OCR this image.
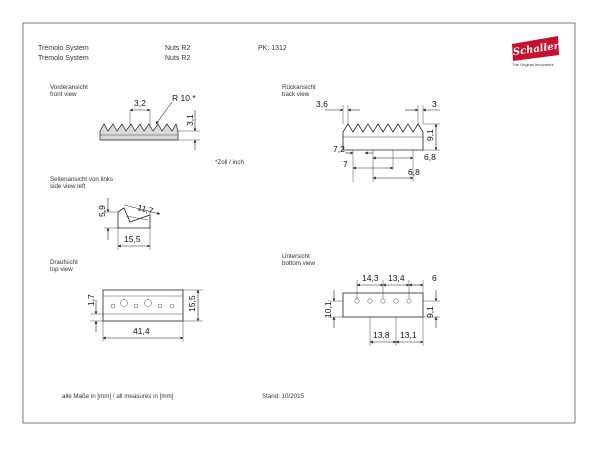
Tremolo System
Tremolo System
Nuts R2
Nuts R2
PK: 1312	Schaller
The Original Innovators
Vorderansicht
front view
3,2	R 10 *
3,1
*Zoll / inch
Rückansicht
back view
3,6	3
9,1
7,2
6,8
7
6,8
Seitenansicht von links
side view left
5,9	11,7
15,5
Draufsicht
top view
1,7
41,4
15,5
Untersicht
bottom view
14,3 13,4	6
10,1	9,1
13,8 13,1
alle Maße in [mm] / all measures in [mm]	Stand: 10/2015
